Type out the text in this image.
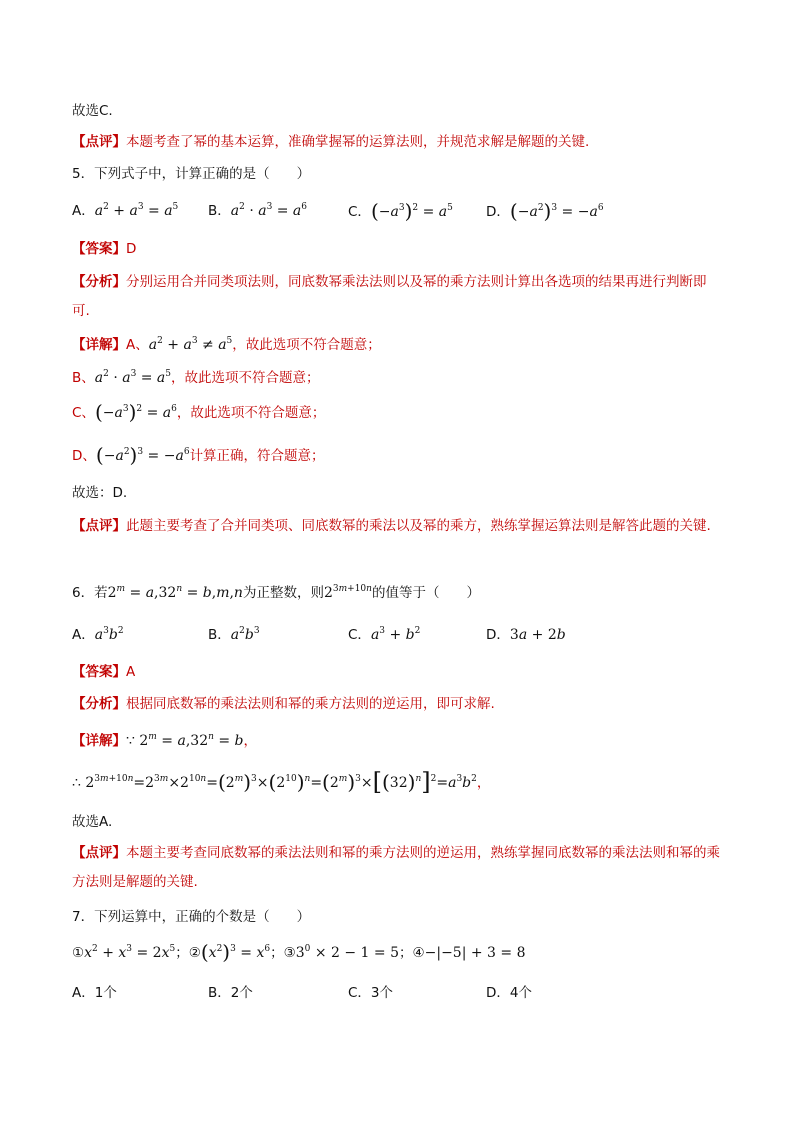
故选C.
【点评】本题考查了幂的基本运算，准确掌握幂的运算法则，并规范求解是解题的关键.
5．下列式子中，计算正确的是（　　）
A．$a^2 + a^3 = a^5$ B．$a^2 \cdot a^3 = a^6$	C．$(-a^3)^2 = a^5$ D．$(-a^2)^3 = -a^6$
【答案】D
【分析】分别运用合并同类项法则，同底数幂乘法法则以及幂的乘方法则计算出各选项的结果再进行判断即可.
【详解】A、$a^2 + a^3 \ne a^5$，故此选项不符合题意；
B、$a^2 \cdot a^3 = a^5$，故此选项不符合题意；
C、$(-a^3)^2 = a^6$，故此选项不符合题意；
D、$(-a^2)^3 = -a^6$计算正确，符合题意；
故选：D.
【点评】此题主要考查了合并同类项、同底数幂的乘法以及幂的乘方，熟练掌握运算法则是解答此题的关键.
6．若$2^m = a,32^n = b,m,n$为正整数，则$2^{3m+10n}$的值等于（　　）
A．$a^3b^2$	B．$a^2b^3$	C．$a^3 + b^2$	D．3a + 2b
【答案】A
【分析】根据同底数幂的乘法法则和幂的乘方法则的逆运用，即可求解.
【详解】∵ $2^m = a,32^n = b$，
∴ $2^{3m+10n}=2^{3m}\times 2^{10n}=(2^m)^3\times(2^{10})^n=(2^m)^3\times[(32)^n]^2=a^3b^2$，
故选A.
【点评】本题主要考查同底数幂的乘法法则和幂的乘方法则的逆运用，熟练掌握同底数幂的乘法法则和幂的乘方法则是解题的关键.
7．下列运算中，正确的个数是（　　）
$①x^2 + x^3 = 2x^5$；$②(x^2)^3 = x^6$；$③3^0 \times 2 - 1 = 5$；④−|−5| + 3 = 8
A．1个	B．2个	C．3个	D．4个
